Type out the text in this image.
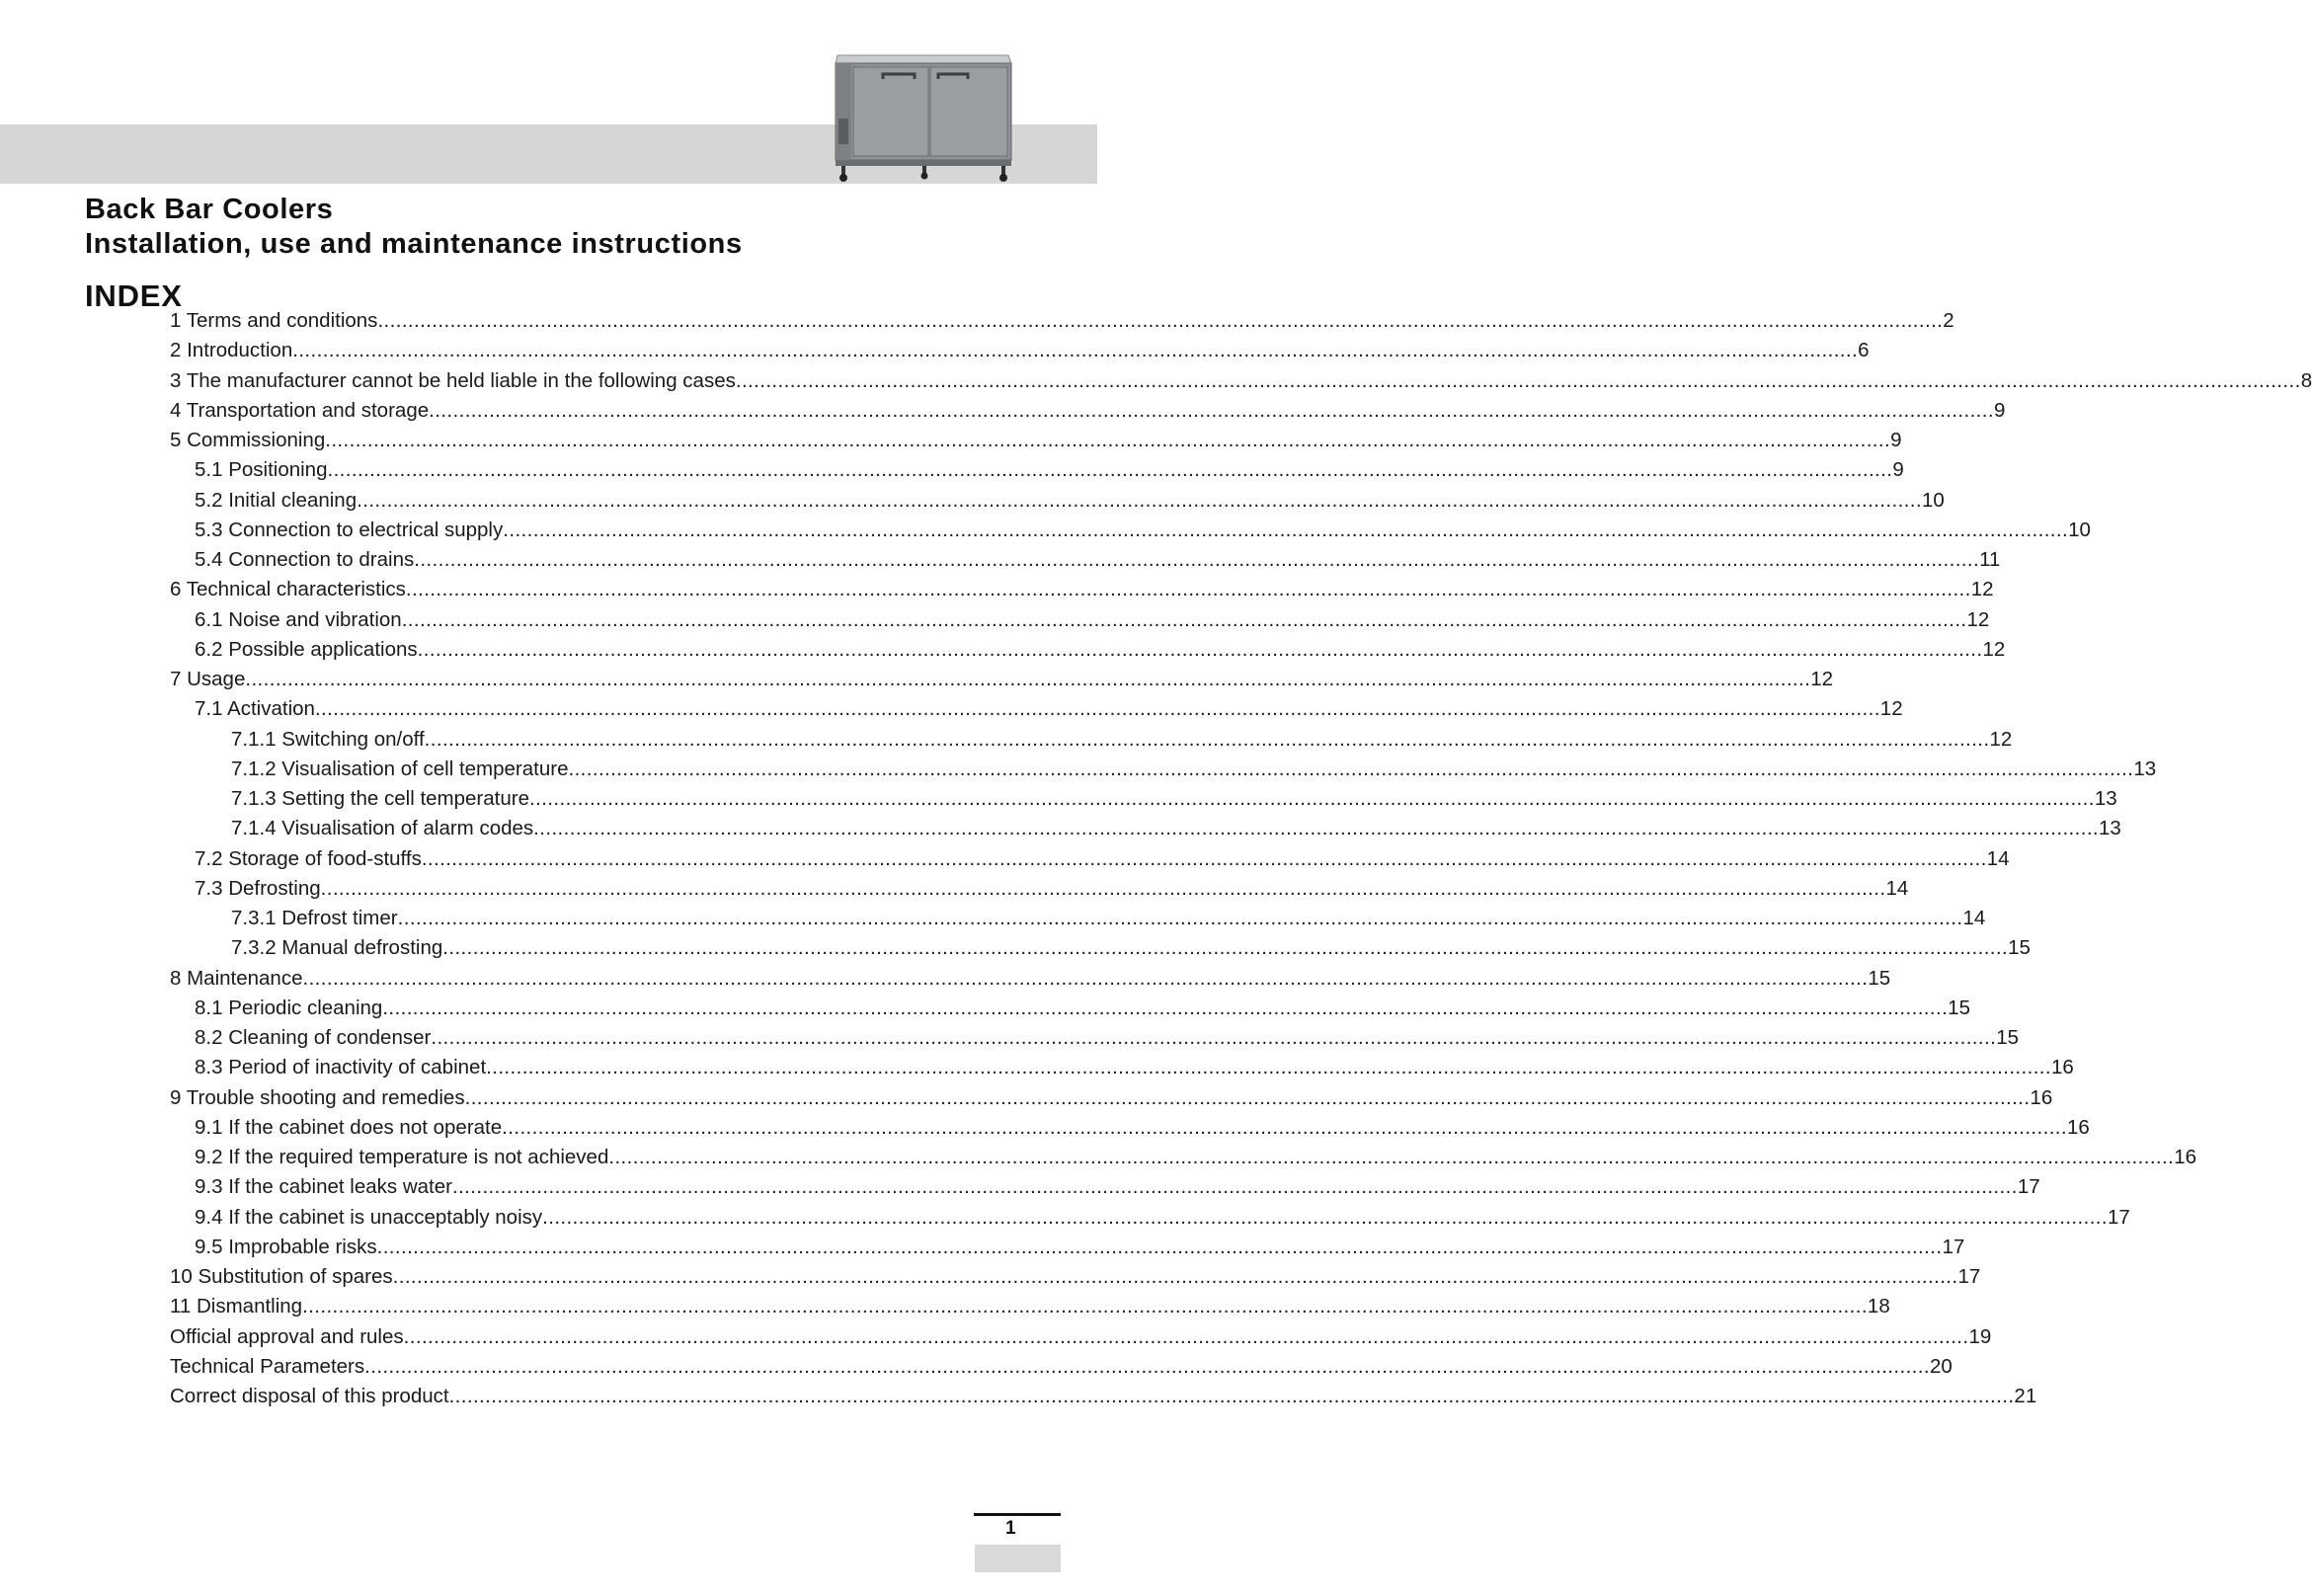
Back Bar Coolers
Installation, use and maintenance instructions
INDEX
1 Terms and conditions .................................................................................................................................................................................................................................................................... 2
2 Introduction .................................................................................................................................................................................................................................................................... 6
3 The manufacturer cannot be held liable in the following cases .................................................................................................................................................................................................................................................................... 8
4 Transportation and storage .................................................................................................................................................................................................................................................................... 9
5 Commissioning .................................................................................................................................................................................................................................................................... 9
5.1 Positioning .................................................................................................................................................................................................................................................................... 9
5.2 Initial cleaning .................................................................................................................................................................................................................................................................... 10
5.3 Connection to electrical supply .................................................................................................................................................................................................................................................................... 10
5.4 Connection to drains .................................................................................................................................................................................................................................................................... 11
6 Technical characteristics .................................................................................................................................................................................................................................................................... 12
6.1 Noise and vibration .................................................................................................................................................................................................................................................................... 12
6.2 Possible applications .................................................................................................................................................................................................................................................................... 12
7 Usage .................................................................................................................................................................................................................................................................... 12
7.1 Activation .................................................................................................................................................................................................................................................................... 12
7.1.1 Switching on/off .................................................................................................................................................................................................................................................................... 12
7.1.2 Visualisation of cell temperature .................................................................................................................................................................................................................................................................... 13
7.1.3 Setting the cell temperature .................................................................................................................................................................................................................................................................... 13
7.1.4 Visualisation of alarm codes .................................................................................................................................................................................................................................................................... 13
7.2 Storage of food-stuffs .................................................................................................................................................................................................................................................................... 14
7.3 Defrosting .................................................................................................................................................................................................................................................................... 14
7.3.1 Defrost timer .................................................................................................................................................................................................................................................................... 14
7.3.2 Manual defrosting .................................................................................................................................................................................................................................................................... 15
8 Maintenance .................................................................................................................................................................................................................................................................... 15
8.1 Periodic cleaning .................................................................................................................................................................................................................................................................... 15
8.2 Cleaning of condenser .................................................................................................................................................................................................................................................................... 15
8.3 Period of inactivity of cabinet .................................................................................................................................................................................................................................................................... 16
9 Trouble shooting and remedies .................................................................................................................................................................................................................................................................... 16
9.1 If the cabinet does not operate .................................................................................................................................................................................................................................................................... 16
9.2 If the required temperature is not achieved .................................................................................................................................................................................................................................................................... 16
9.3 If the cabinet leaks water .................................................................................................................................................................................................................................................................... 17
9.4 If the cabinet is unacceptably noisy .................................................................................................................................................................................................................................................................... 17
9.5 Improbable risks .................................................................................................................................................................................................................................................................... 17
10 Substitution of spares .................................................................................................................................................................................................................................................................... 17
11 Dismantling .................................................................................................................................................................................................................................................................... 18
Official approval and rules .................................................................................................................................................................................................................................................................... 19
Technical Parameters .................................................................................................................................................................................................................................................................... 20
Correct disposal of this product .................................................................................................................................................................................................................................................................... 21
1
